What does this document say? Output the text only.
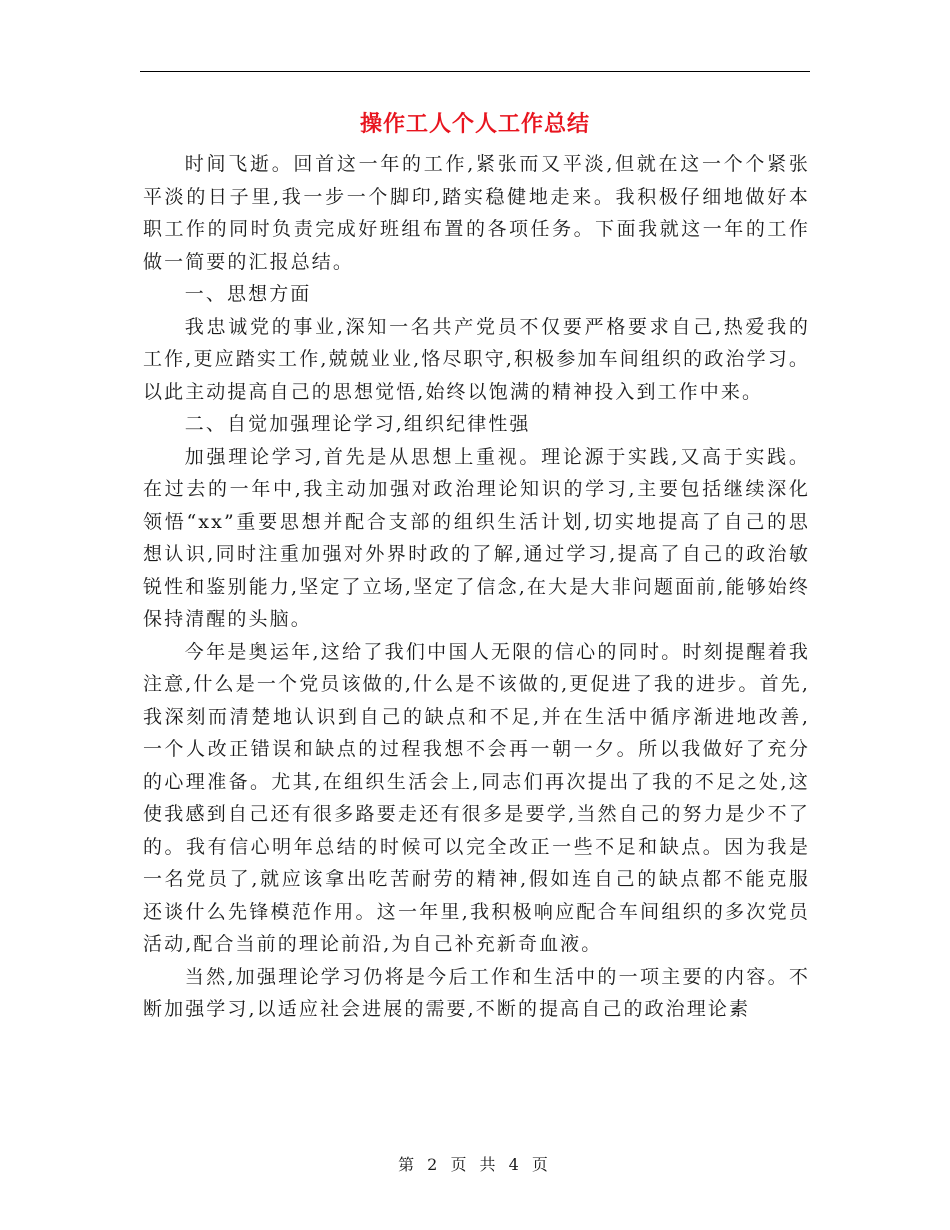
操作工人个人工作总结

时间飞逝。回首这一年的工作,紧张而又平淡,但就在这一个个紧张平淡的日子里,我一步一个脚印,踏实稳健地走来。我积极仔细地做好本职工作的同时负责完成好班组布置的各项任务。下面我就这一年的工作做一简要的汇报总结。

一、思想方面

我忠诚党的事业,深知一名共产党员不仅要严格要求自己,热爱我的工作,更应踏实工作,兢兢业业,恪尽职守,积极参加车间组织的政治学习。以此主动提高自己的思想觉悟,始终以饱满的精神投入到工作中来。

二、自觉加强理论学习,组织纪律性强

加强理论学习,首先是从思想上重视。理论源于实践,又高于实践。在过去的一年中,我主动加强对政治理论知识的学习,主要包括继续深化领悟“xx”重要思想并配合支部的组织生活计划,切实地提高了自己的思想认识,同时注重加强对外界时政的了解,通过学习,提高了自己的政治敏锐性和鉴别能力,坚定了立场,坚定了信念,在大是大非问题面前,能够始终保持清醒的头脑。

今年是奥运年,这给了我们中国人无限的信心的同时。时刻提醒着我注意,什么是一个党员该做的,什么是不该做的,更促进了我的进步。首先,我深刻而清楚地认识到自己的缺点和不足,并在生活中循序渐进地改善,一个人改正错误和缺点的过程我想不会再一朝一夕。所以我做好了充分的心理准备。尤其,在组织生活会上,同志们再次提出了我的不足之处,这使我感到自己还有很多路要走还有很多是要学,当然自己的努力是少不了的。我有信心明年总结的时候可以完全改正一些不足和缺点。因为我是一名党员了,就应该拿出吃苦耐劳的精神,假如连自己的缺点都不能克服还谈什么先锋模范作用。这一年里,我积极响应配合车间组织的多次党员活动,配合当前的理论前沿,为自己补充新奇血液。

当然,加强理论学习仍将是今后工作和生活中的一项主要的内容。不断加强学习,以适应社会进展的需要,不断的提高自己的政治理论素

第 2 页 共 4 页
